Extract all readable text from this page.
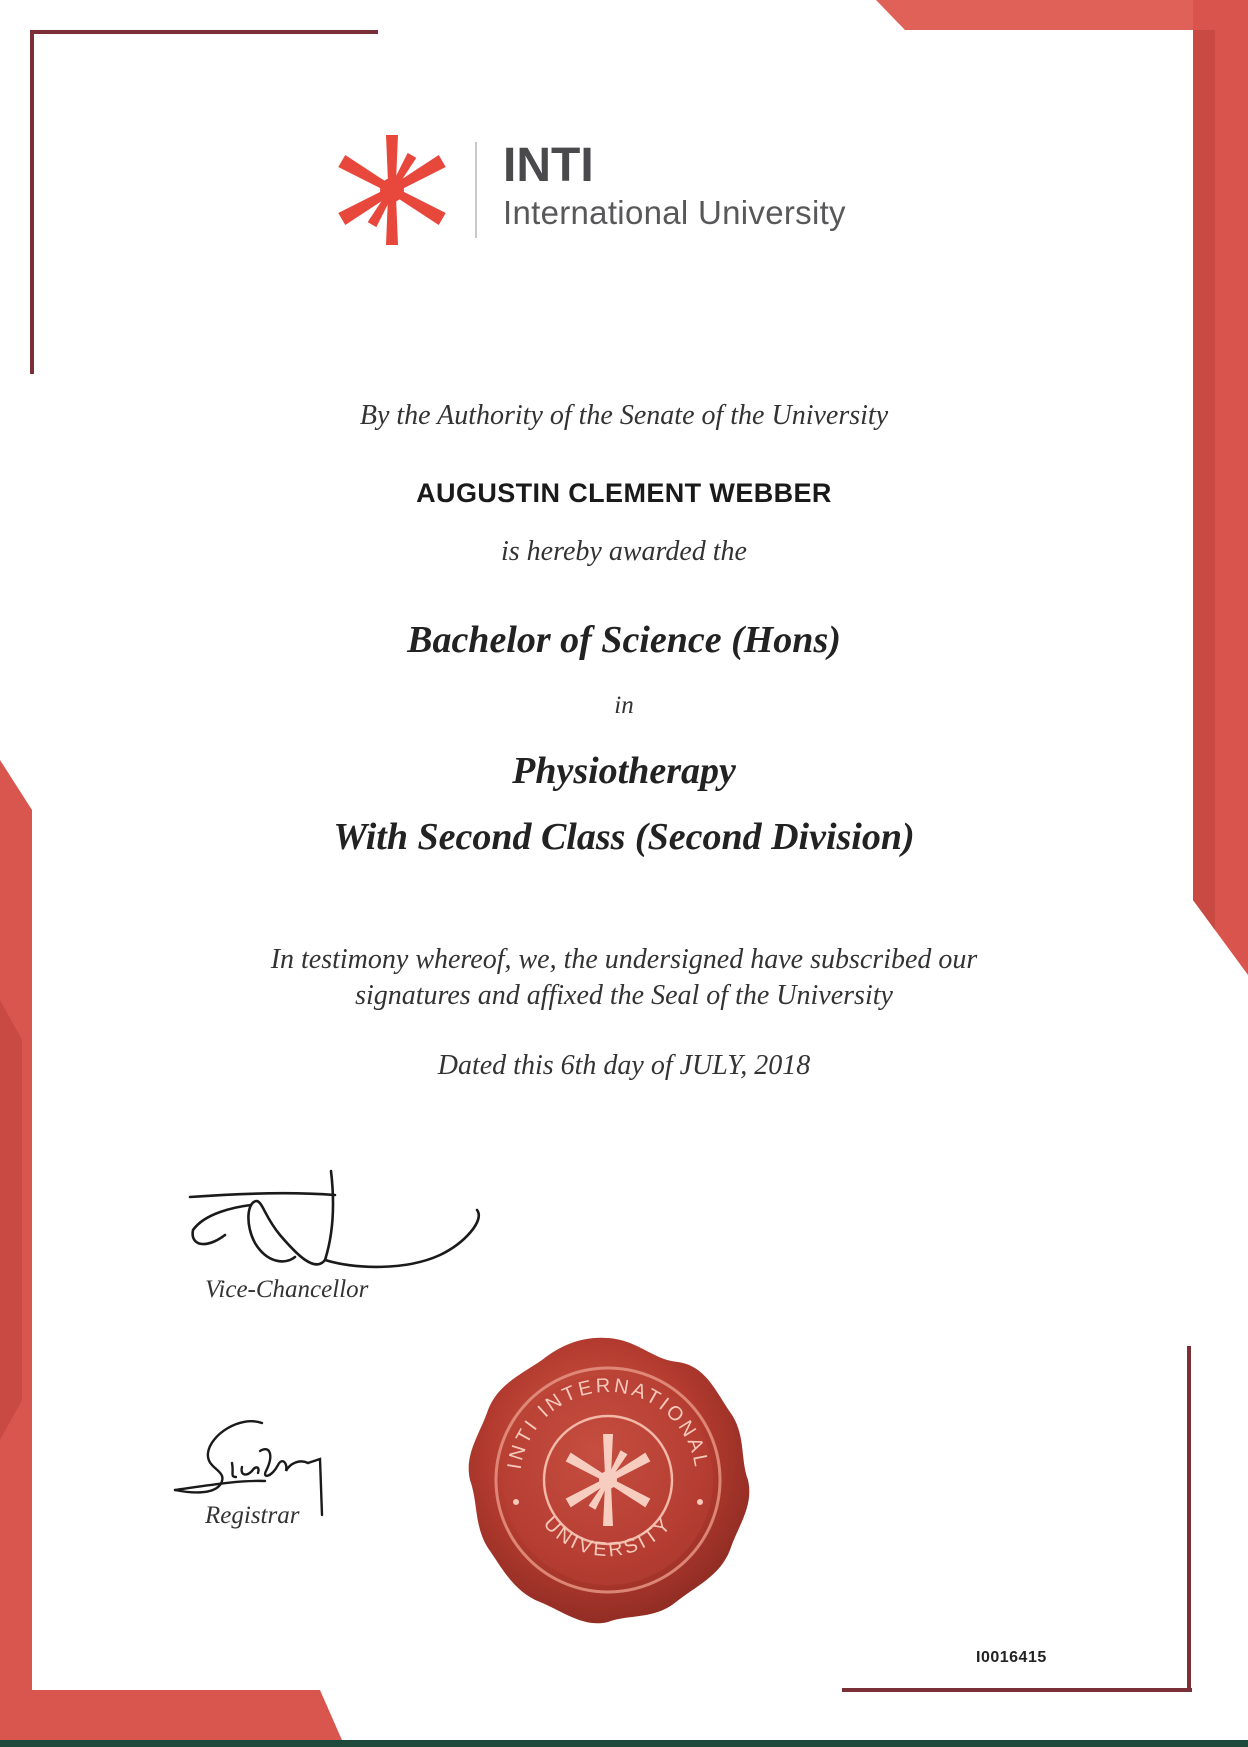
INTI
International University
By the Authority of the Senate of the University
AUGUSTIN CLEMENT WEBBER
is hereby awarded the
Bachelor of Science (Hons)
in
Physiotherapy
With Second Class (Second Division)
In testimony whereof, we, the undersigned have subscribed our
signatures and affixed the Seal of the University
Dated this 6th day of JULY, 2018
Vice-Chancellor
Registrar
INTI INTERNATIONAL
UNIVERSITY
I0016415
